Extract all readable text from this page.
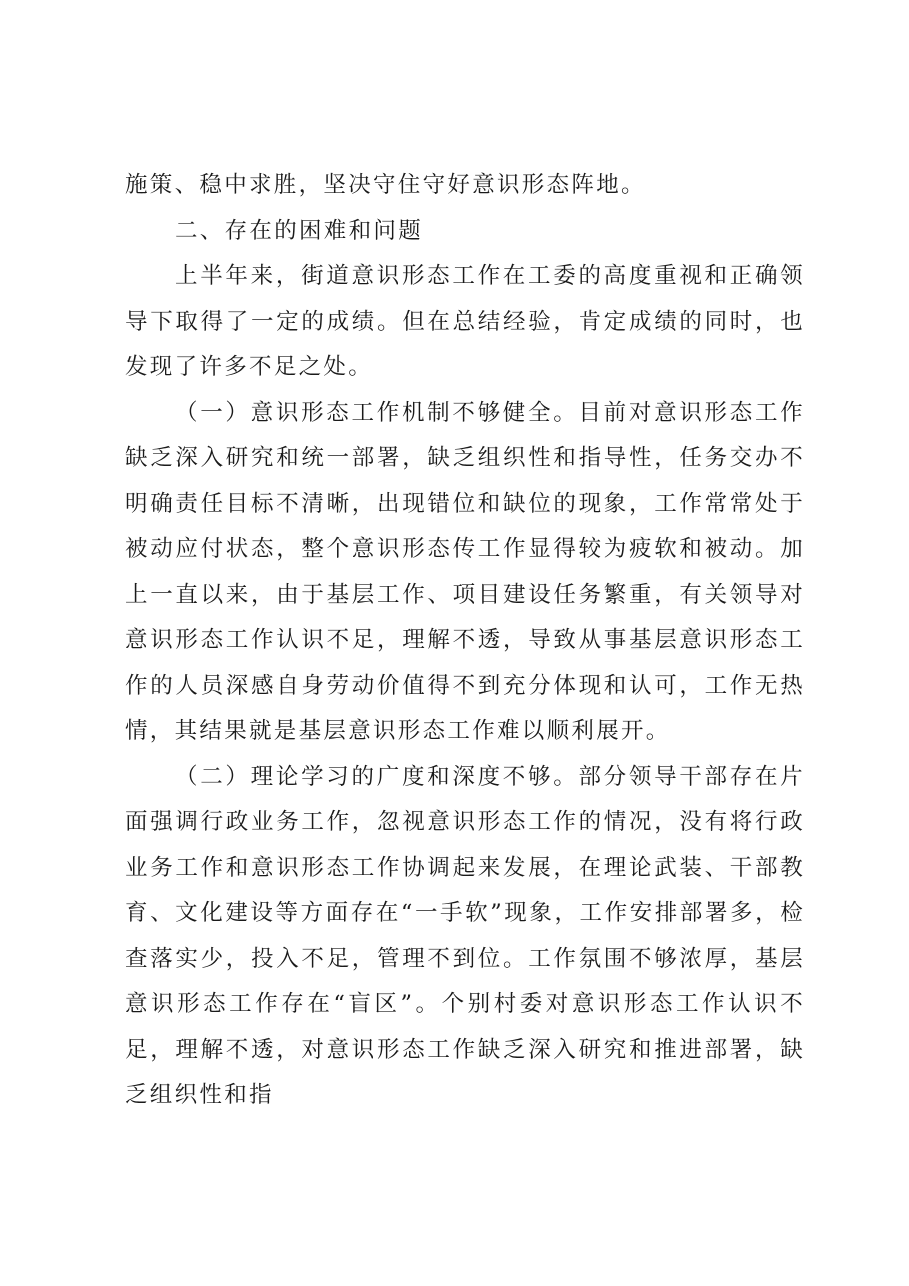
施策、稳中求胜，坚决守住守好意识形态阵地。

二、存在的困难和问题

上半年来，街道意识形态工作在工委的高度重视和正确领导下取得了一定的成绩。但在总结经验，肯定成绩的同时，也发现了许多不足之处。

（一）意识形态工作机制不够健全。目前对意识形态工作缺乏深入研究和统一部署，缺乏组织性和指导性，任务交办不明确责任目标不清晰，出现错位和缺位的现象，工作常常处于被动应付状态，整个意识形态传工作显得较为疲软和被动。加上一直以来，由于基层工作、项目建设任务繁重，有关领导对意识形态工作认识不足，理解不透，导致从事基层意识形态工作的人员深感自身劳动价值得不到充分体现和认可，工作无热情，其结果就是基层意识形态工作难以顺利展开。

（二）理论学习的广度和深度不够。部分领导干部存在片面强调行政业务工作，忽视意识形态工作的情况，没有将行政业务工作和意识形态工作协调起来发展，在理论武装、干部教育、文化建设等方面存在“一手软”现象，工作安排部署多，检查落实少，投入不足，管理不到位。工作氛围不够浓厚，基层意识形态工作存在“盲区”。个别村委对意识形态工作认识不足，理解不透，对意识形态工作缺乏深入研究和推进部署，缺乏组织性和指
